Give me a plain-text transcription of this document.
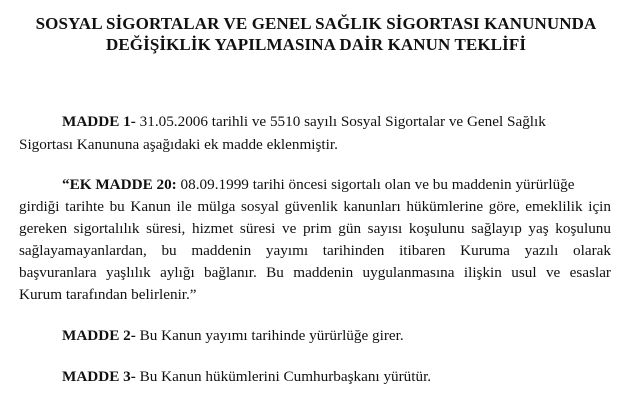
SOSYAL SİGORTALAR VE GENEL SAĞLIK SİGORTASI KANUNUNDA
DEĞİŞİKLİK YAPILMASINA DAİR KANUN TEKLİFİ
MADDE 1- 31.05.2006 tarihli ve 5510 sayılı Sosyal Sigortalar ve Genel Sağlık
Sigortası Kanununa aşağıdaki ek madde eklenmiştir.
“EK MADDE 20: 08.09.1999 tarihi öncesi sigortalı olan ve bu maddenin yürürlüğe
girdiği tarihte bu Kanun ile mülga sosyal güvenlik kanunları hükümlerine göre, emeklilik için
gereken sigortalılık süresi, hizmet süresi ve prim gün sayısı koşulunu sağlayıp yaş koşulunu
sağlayamayanlardan, bu maddenin yayımı tarihinden itibaren Kuruma yazılı olarak
başvuranlara yaşlılık aylığı bağlanır. Bu maddenin uygulanmasına ilişkin usul ve esaslar
Kurum tarafından belirlenir.”
MADDE 2- Bu Kanun yayımı tarihinde yürürlüğe girer.
MADDE 3- Bu Kanun hükümlerini Cumhurbaşkanı yürütür.
